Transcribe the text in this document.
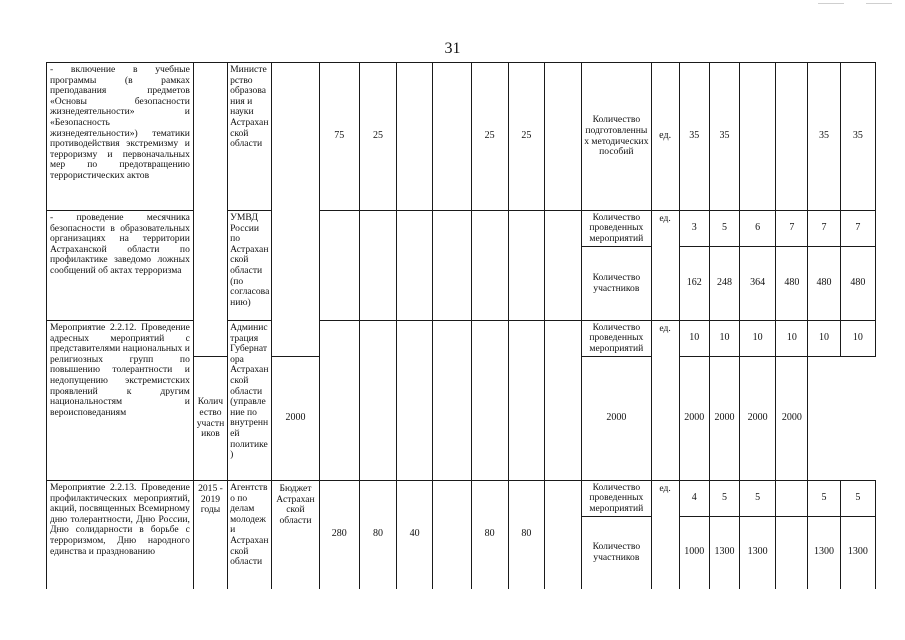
31
- включение в учебные программы (в рамках преподавания предметов «Основы безопасности жизнедеятельности» и «Безопасность жизнедеятельности») тематики противодействия экстремизму и терроризму и первоначальных мер по предотвращению террористических актов		Министерство образования и науки Астраханской области		75	25			25	25		Количество подготовленных методических пособий	ед.	35	35			35	35
- проведение месячника безопасности в образовательных организациях на территории Астраханской области по профилактике заведомо ложных сообщений об актах терроризма		УМВД России по Астраханской области (по согласованию)									Количество проведенных мероприятий	ед.	3	5	6	7	7	7
											Количество участников		162	248	364	480	480	480
Мероприятие 2.2.12. Проведение адресных мероприятий с представителями национальных и религиозных групп по повышению толерантности и недопущению экстремистских проявлений к другим национальностям и вероисповеданиям		Администрация Губернатора Астраханской области (управление по внутренней политике)									Количество проведенных мероприятий	ед.	10	10	10	10	10	10
	Количество участников		2000								2000		2000	2000	2000	2000		
Мероприятие 2.2.13. Проведение профилактических мероприятий, акций, посвященных Всемирному дню толерантности, Дню России, Дню солидарности в борьбе с терроризмом, Дню народного единства и празднованию	2015 - 2019 годы	Агентство по делам молодежи Астраханской области	Бюджет Астраханской области	280	80	40		80	80		Количество проведенных мероприятий	ед.	4	5	5		5	5
											Количество участников		1000	1300	1300		1300	1300
